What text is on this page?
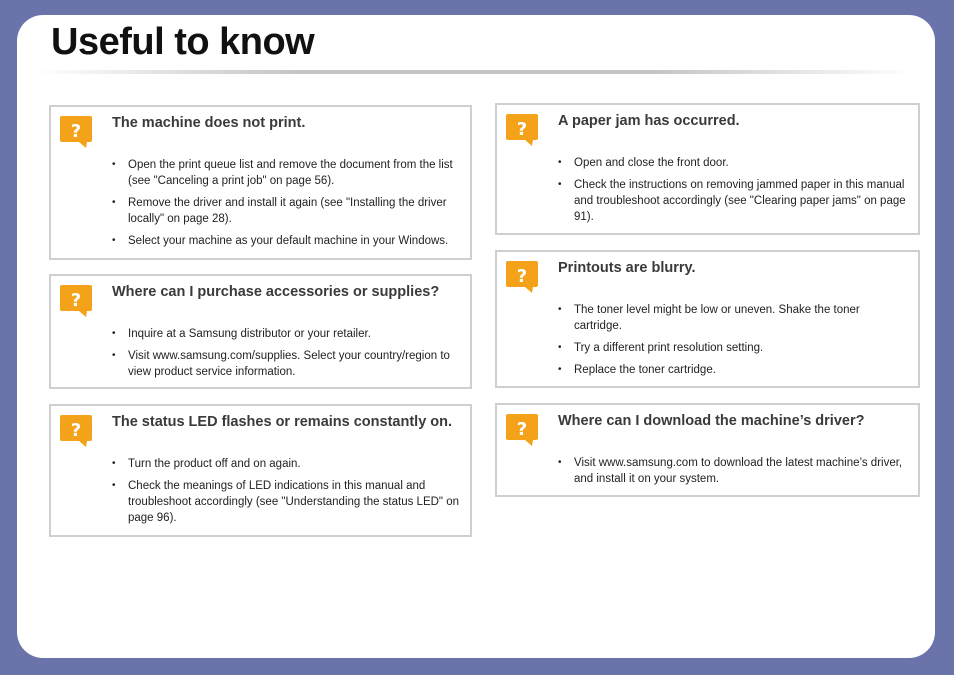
Useful to know
? The machine does not print.
• Open the print queue list and remove the document from the list (see "Canceling a print job" on page 56).
• Remove the driver and install it again (see "Installing the driver locally" on page 28).
• Select your machine as your default machine in your Windows.
? Where can I purchase accessories or supplies?
• Inquire at a Samsung distributor or your retailer.
• Visit www.samsung.com/supplies. Select your country/region to view product service information.
? The status LED flashes or remains constantly on.
• Turn the product off and on again.
• Check the meanings of LED indications in this manual and troubleshoot accordingly (see "Understanding the status LED" on page 96).
? A paper jam has occurred.
• Open and close the front door.
• Check the instructions on removing jammed paper in this manual and troubleshoot accordingly (see "Clearing paper jams" on page 91).
? Printouts are blurry.
• The toner level might be low or uneven. Shake the toner cartridge.
• Try a different print resolution setting.
• Replace the toner cartridge.
? Where can I download the machine’s driver?
• Visit www.samsung.com to download the latest machine’s driver, and install it on your system.
